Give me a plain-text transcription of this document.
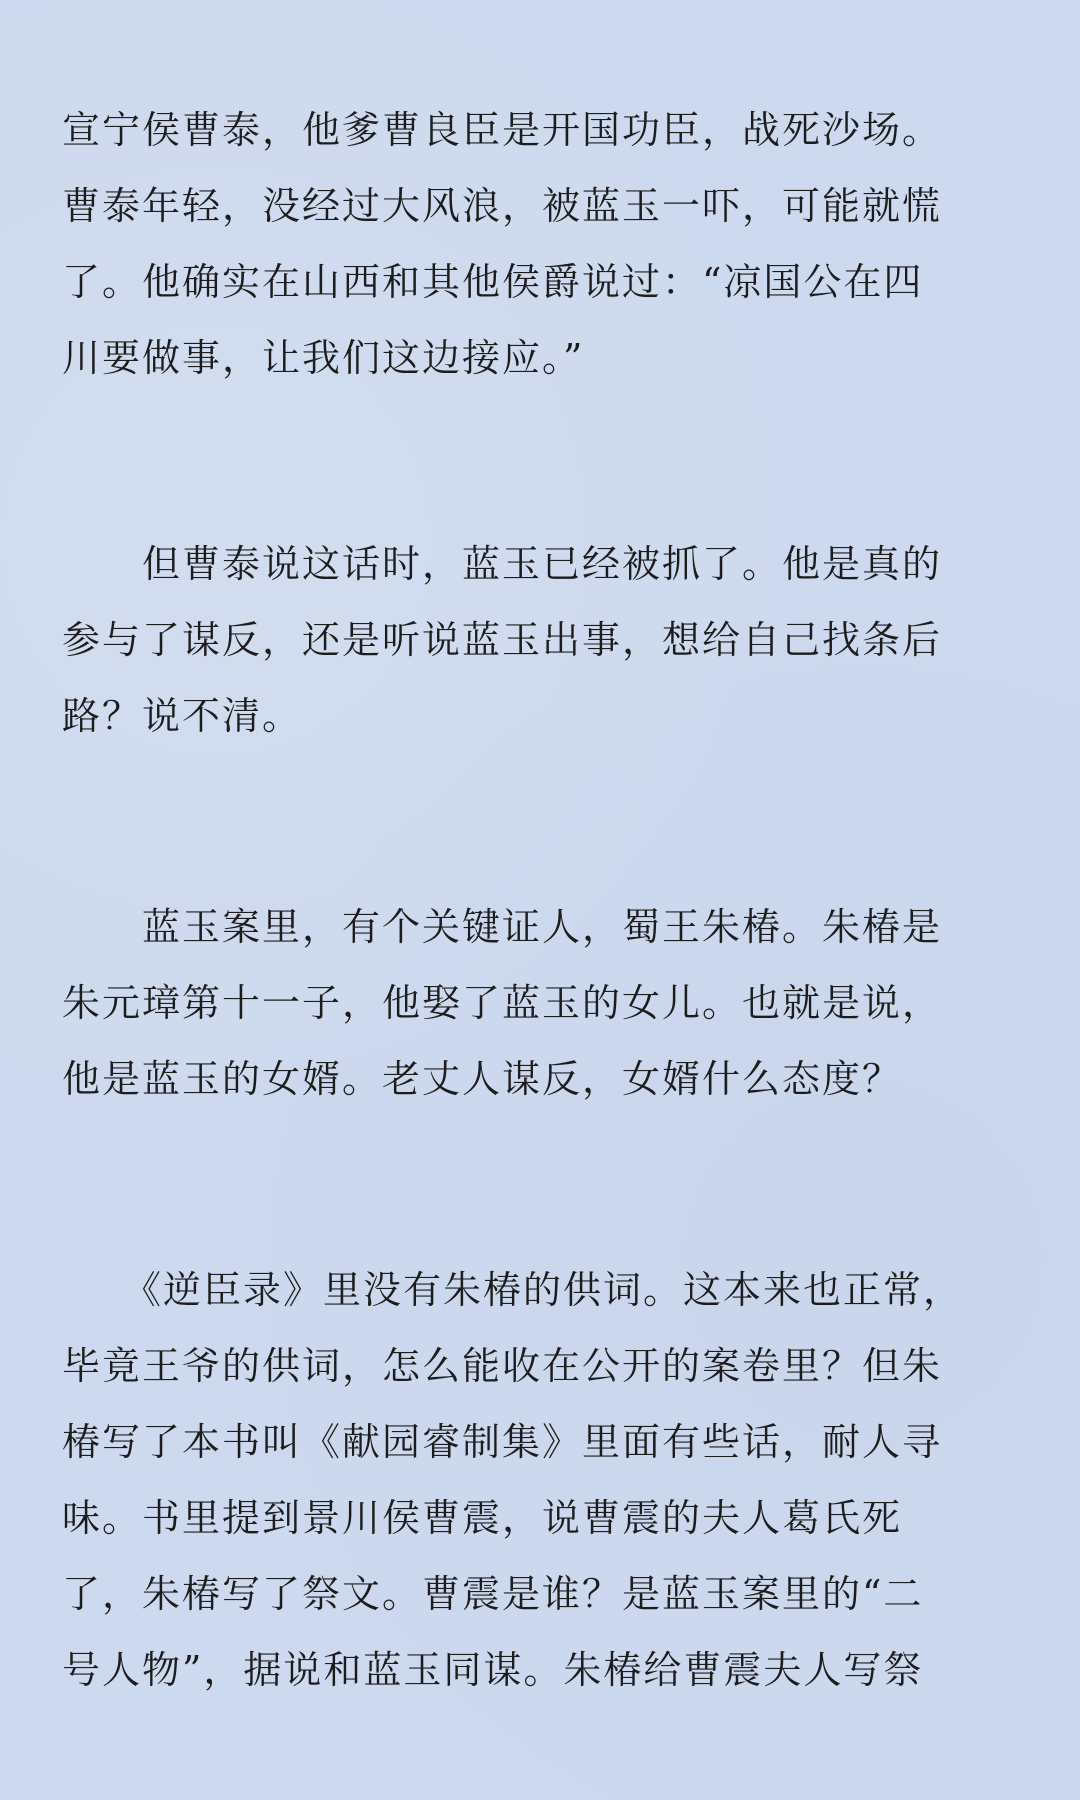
宣宁侯曹泰，他爹曹良臣是开国功臣，战死沙场。
曹泰年轻，没经过大风浪，被蓝玉一吓，可能就慌
了。他确实在山西和其他侯爵说过：“凉国公在四
川要做事，让我们这边接应。”
　　但曹泰说这话时，蓝玉已经被抓了。他是真的
参与了谋反，还是听说蓝玉出事，想给自己找条后
路？说不清。
　　蓝玉案里，有个关键证人，蜀王朱椿。朱椿是
朱元璋第十一子，他娶了蓝玉的女儿。也就是说，
他是蓝玉的女婿。老丈人谋反，女婿什么态度？
　　《逆臣录》里没有朱椿的供词。这本来也正常，
毕竟王爷的供词，怎么能收在公开的案卷里？但朱
椿写了本书叫《献园睿制集》里面有些话，耐人寻
味。书里提到景川侯曹震，说曹震的夫人葛氏死
了，朱椿写了祭文。曹震是谁？是蓝玉案里的“二
号人物”，据说和蓝玉同谋。朱椿给曹震夫人写祭
